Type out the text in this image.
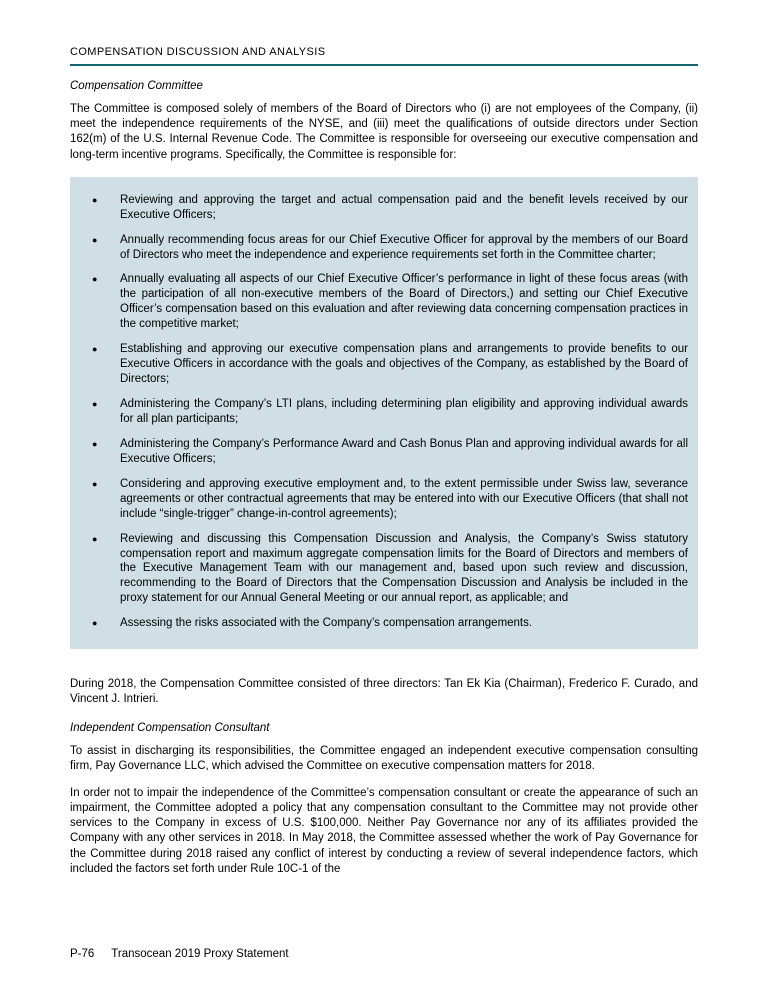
COMPENSATION DISCUSSION AND ANALYSIS
Compensation Committee

The Committee is composed solely of members of the Board of Directors who (i) are not employees of the Company, (ii) meet the independence requirements of the NYSE, and (iii) meet the qualifications of outside directors under Section 162(m) of the U.S. Internal Revenue Code. The Committee is responsible for overseeing our executive compensation and long-term incentive programs. Specifically, the Committee is responsible for:

●	Reviewing and approving the target and actual compensation paid and the benefit levels received by our Executive Officers;
●	Annually recommending focus areas for our Chief Executive Officer for approval by the members of our Board of Directors who meet the independence and experience requirements set forth in the Committee charter;
●	Annually evaluating all aspects of our Chief Executive Officer’s performance in light of these focus areas (with the participation of all non-executive members of the Board of Directors,) and setting our Chief Executive Officer’s compensation based on this evaluation and after reviewing data concerning compensation practices in the competitive market;
●	Establishing and approving our executive compensation plans and arrangements to provide benefits to our Executive Officers in accordance with the goals and objectives of the Company, as established by the Board of Directors;
●	Administering the Company’s LTI plans, including determining plan eligibility and approving individual awards for all plan participants;
●	Administering the Company’s Performance Award and Cash Bonus Plan and approving individual awards for all Executive Officers;
●	Considering and approving executive employment and, to the extent permissible under Swiss law, severance agreements or other contractual agreements that may be entered into with our Executive Officers (that shall not include “single-trigger” change-in-control agreements);
●	Reviewing and discussing this Compensation Discussion and Analysis, the Company’s Swiss statutory compensation report and maximum aggregate compensation limits for the Board of Directors and members of the Executive Management Team with our management and, based upon such review and discussion, recommending to the Board of Directors that the Compensation Discussion and Analysis be included in the proxy statement for our Annual General Meeting or our annual report, as applicable; and
●	Assessing the risks associated with the Company’s compensation arrangements.

During 2018, the Compensation Committee consisted of three directors: Tan Ek Kia (Chairman), Frederico F. Curado, and Vincent J. Intrieri.

Independent Compensation Consultant

To assist in discharging its responsibilities, the Committee engaged an independent executive compensation consulting firm, Pay Governance LLC, which advised the Committee on executive compensation matters for 2018.

In order not to impair the independence of the Committee’s compensation consultant or create the appearance of such an impairment, the Committee adopted a policy that any compensation consultant to the Committee may not provide other services to the Company in excess of U.S. $100,000. Neither Pay Governance nor any of its affiliates provided the Company with any other services in 2018. In May 2018, the Committee assessed whether the work of Pay Governance for the Committee during 2018 raised any conflict of interest by conducting a review of several independence factors, which included the factors set forth under Rule 10C-1 of the

P-76 Transocean 2019 Proxy Statement
